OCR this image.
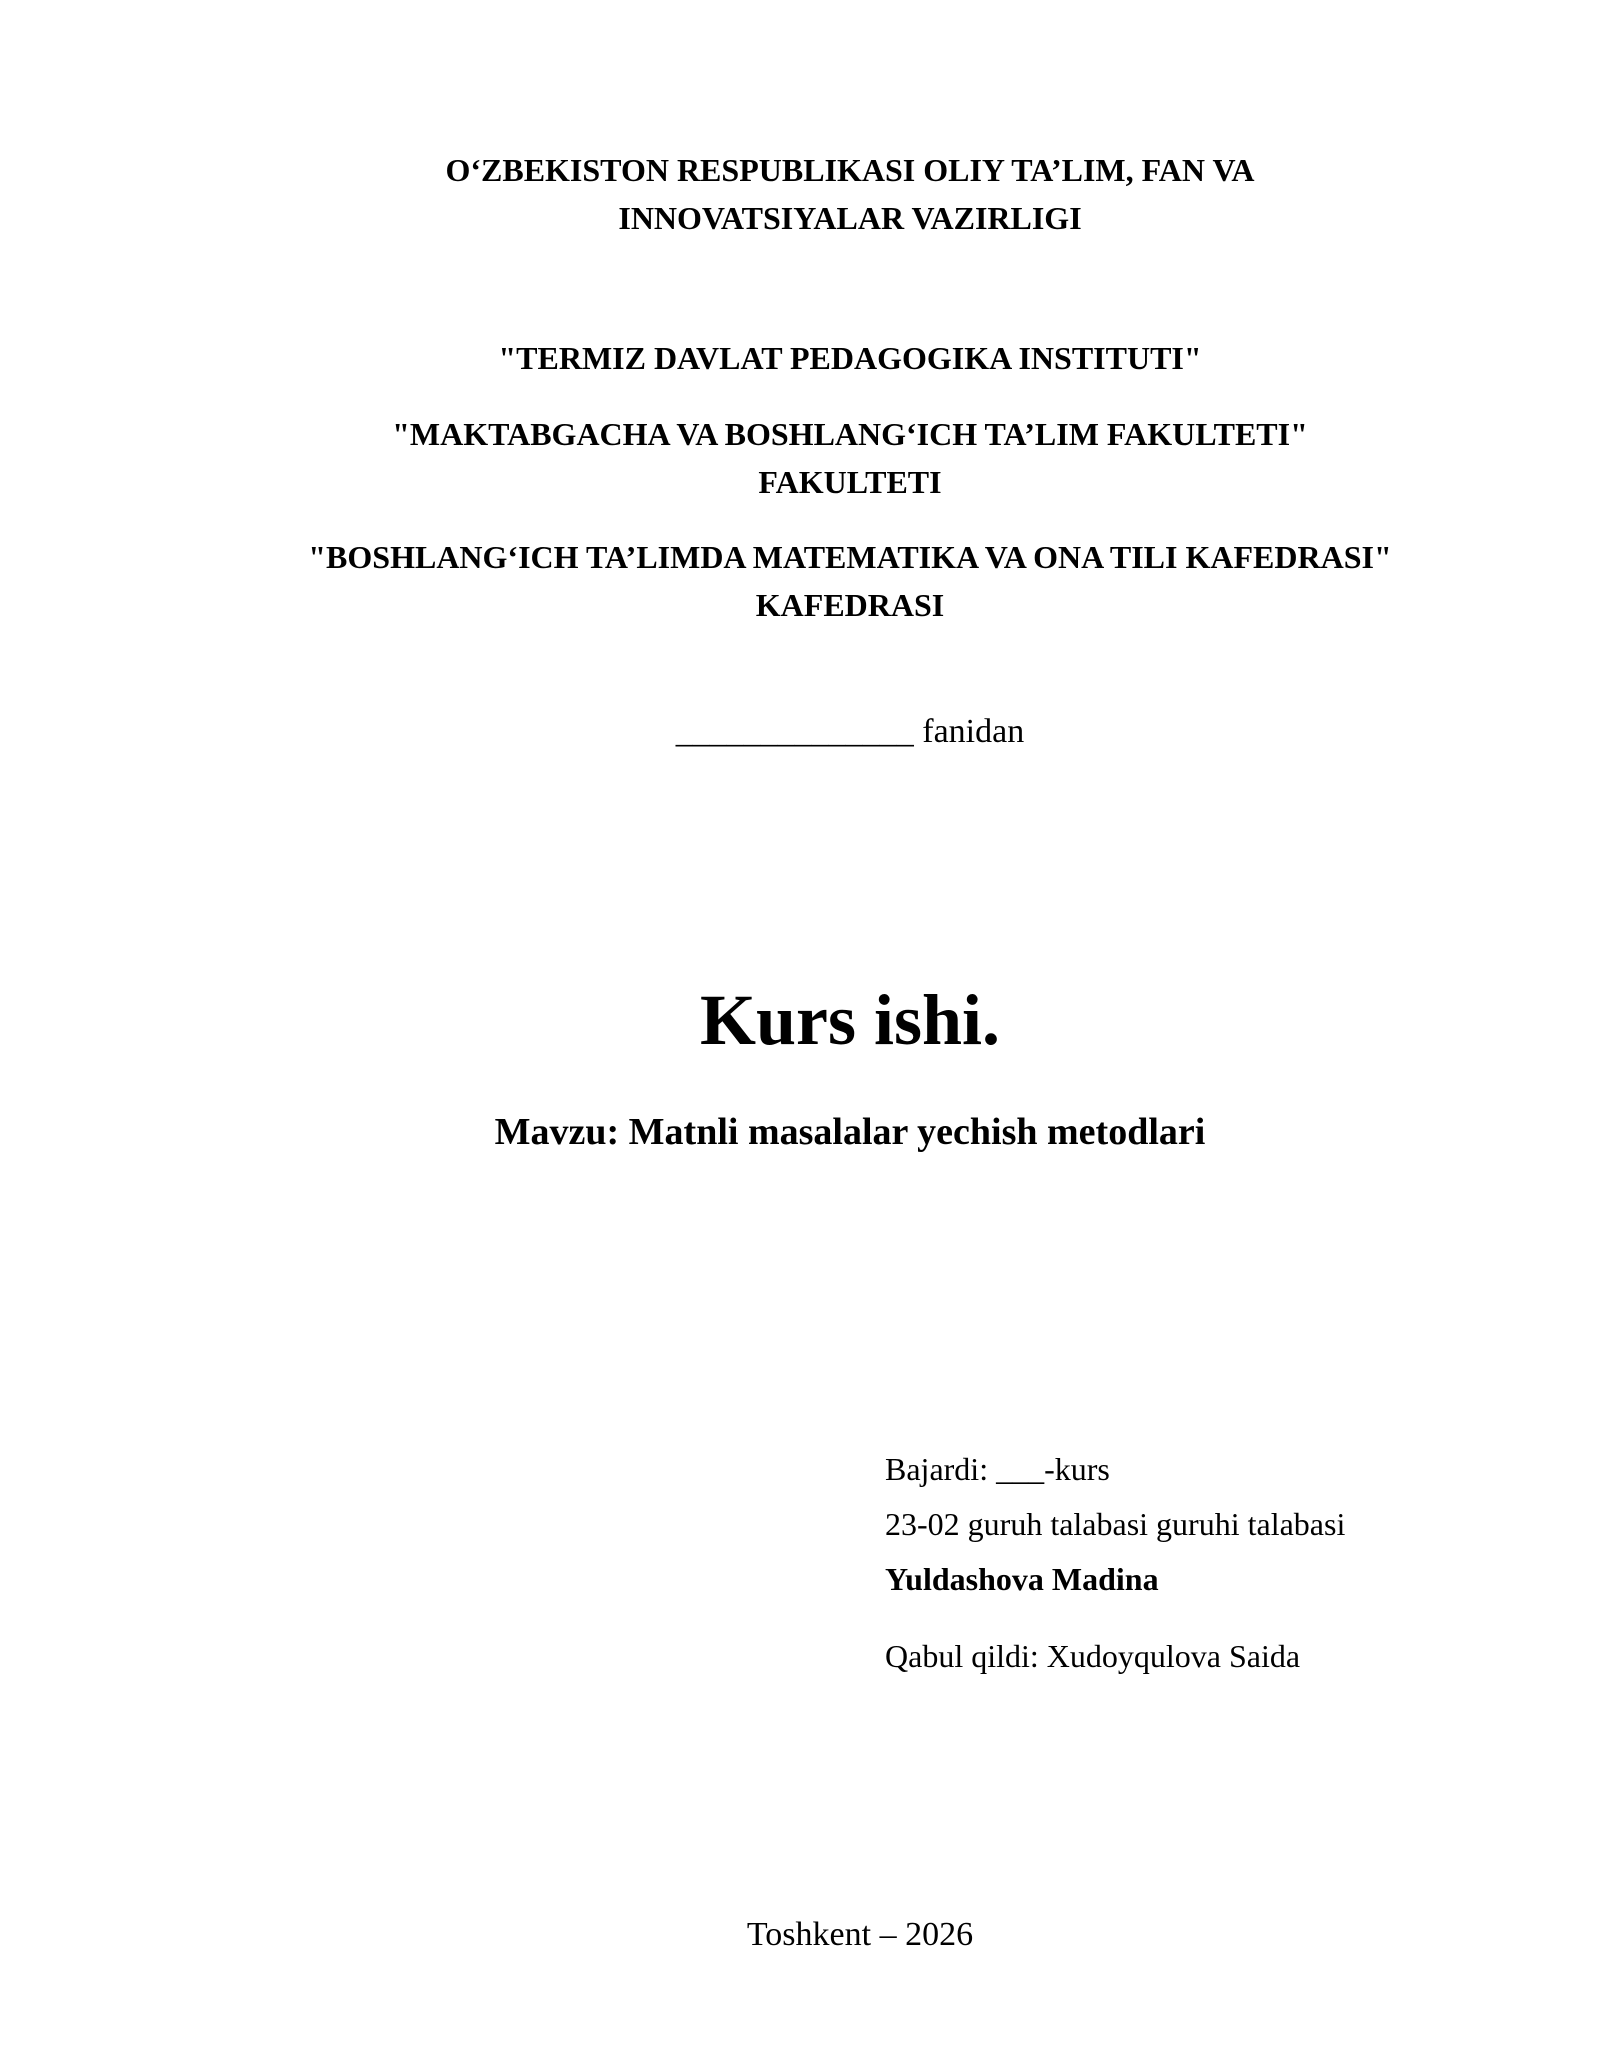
O‘ZBEKISTON RESPUBLIKASI OLIY TA’LIM, FAN VA
INNOVATSIYALAR VAZIRLIGI
"TERMIZ DAVLAT PEDAGOGIKA INSTITUTI"
"MAKTABGACHA VA BOSHLANG‘ICH TA’LIM FAKULTETI"
FAKULTETI
"BOSHLANG‘ICH TA’LIMDA MATEMATIKA VA ONA TILI KAFEDRASI"
KAFEDRASI
______________ fanidan
Kurs ishi.
Mavzu: Matnli masalalar yechish metodlari
Bajardi: ___-kurs
23-02 guruh talabasi guruhi talabasi
Yuldashova Madina
Qabul qildi: Xudoyqulova Saida
Toshkent – 2026
